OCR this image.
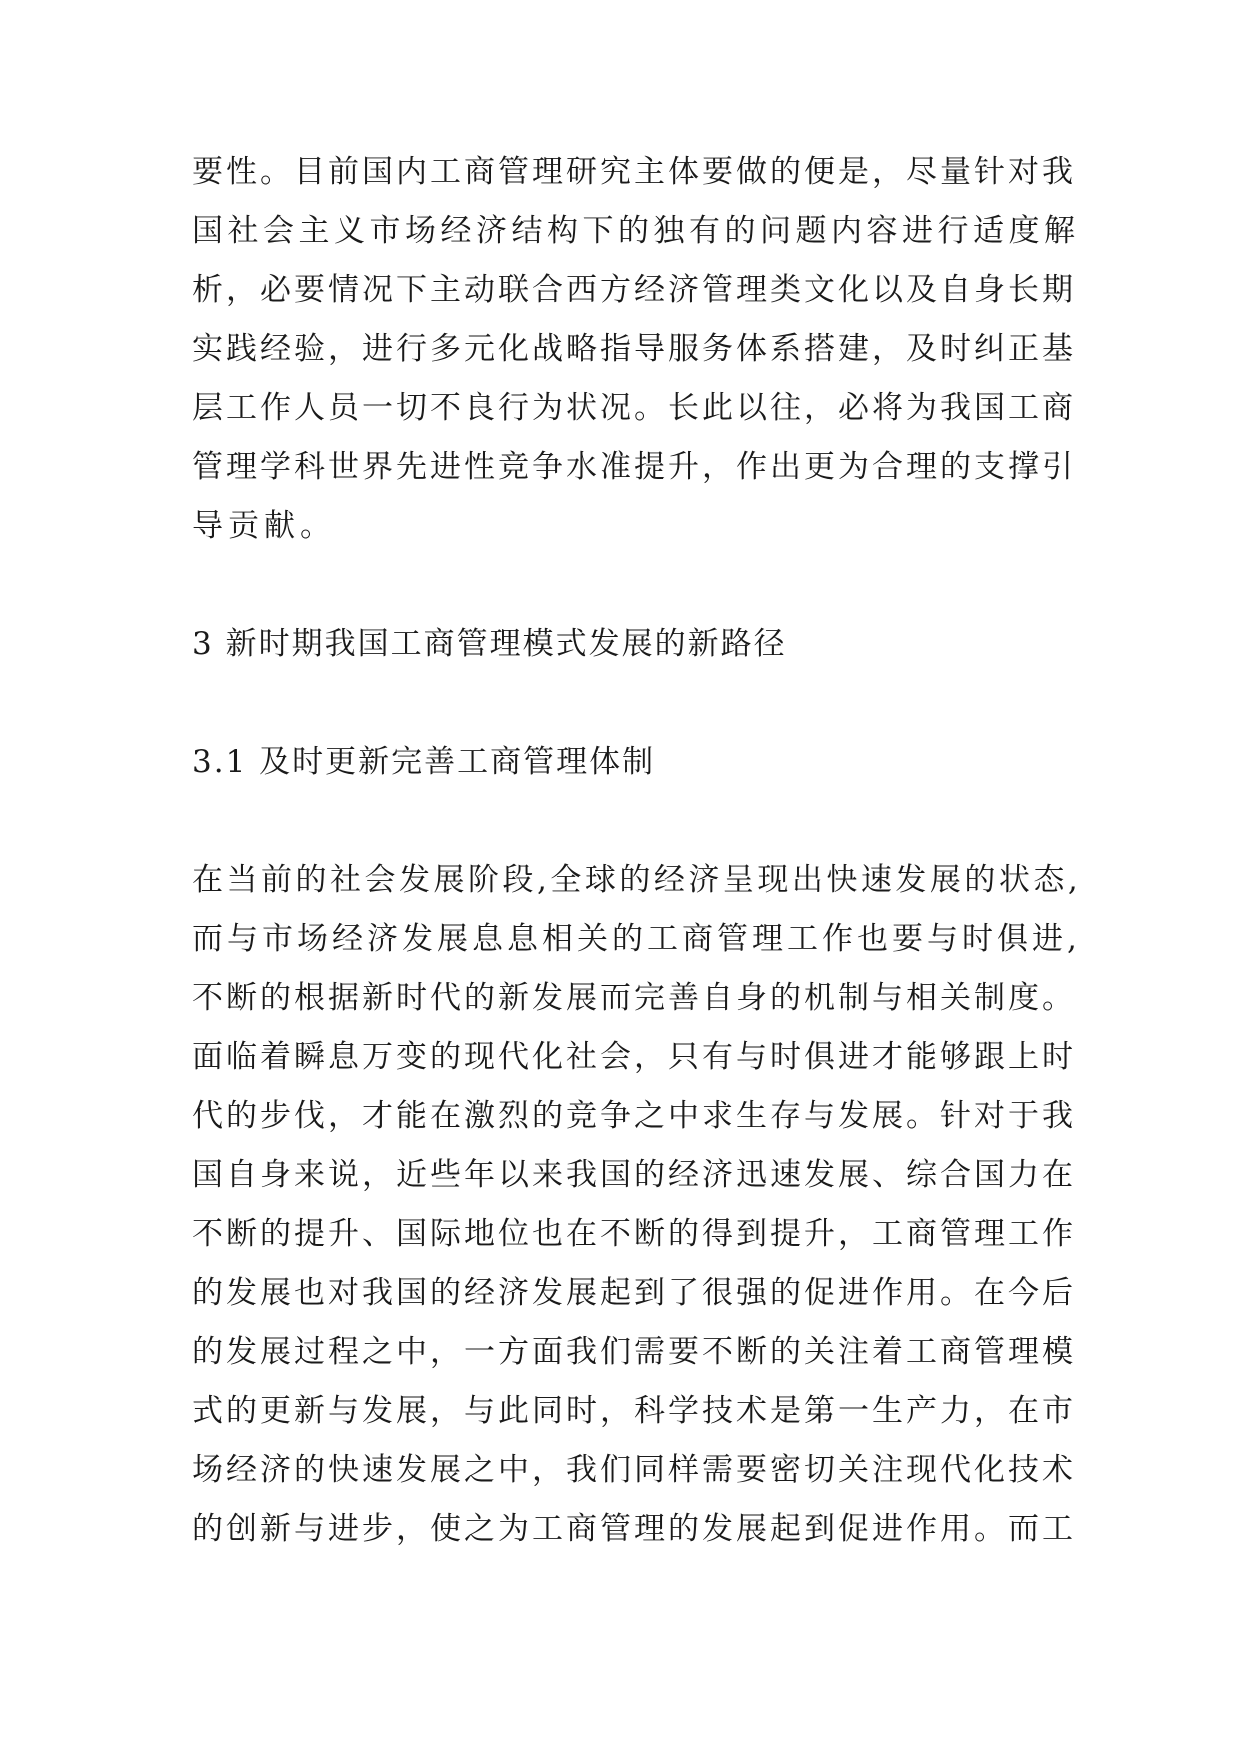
要性。目前国内工商管理研究主体要做的便是，尽量针对我
国社会主义市场经济结构下的独有的问题内容进行适度解
析，必要情况下主动联合西方经济管理类文化以及自身长期
实践经验，进行多元化战略指导服务体系搭建，及时纠正基
层工作人员一切不良行为状况。长此以往，必将为我国工商
管理学科世界先进性竞争水准提升，作出更为合理的支撑引
导贡献。
3 新时期我国工商管理模式发展的新路径
3.1 及时更新完善工商管理体制
在当前的社会发展阶段,全球的经济呈现出快速发展的状态,
而与市场经济发展息息相关的工商管理工作也要与时俱进,
不断的根据新时代的新发展而完善自身的机制与相关制度。
面临着瞬息万变的现代化社会，只有与时俱进才能够跟上时
代的步伐，才能在激烈的竞争之中求生存与发展。针对于我
国自身来说，近些年以来我国的经济迅速发展、综合国力在
不断的提升、国际地位也在不断的得到提升，工商管理工作
的发展也对我国的经济发展起到了很强的促进作用。在今后
的发展过程之中，一方面我们需要不断的关注着工商管理模
式的更新与发展，与此同时，科学技术是第一生产力，在市
场经济的快速发展之中，我们同样需要密切关注现代化技术
的创新与进步，使之为工商管理的发展起到促进作用。而工
